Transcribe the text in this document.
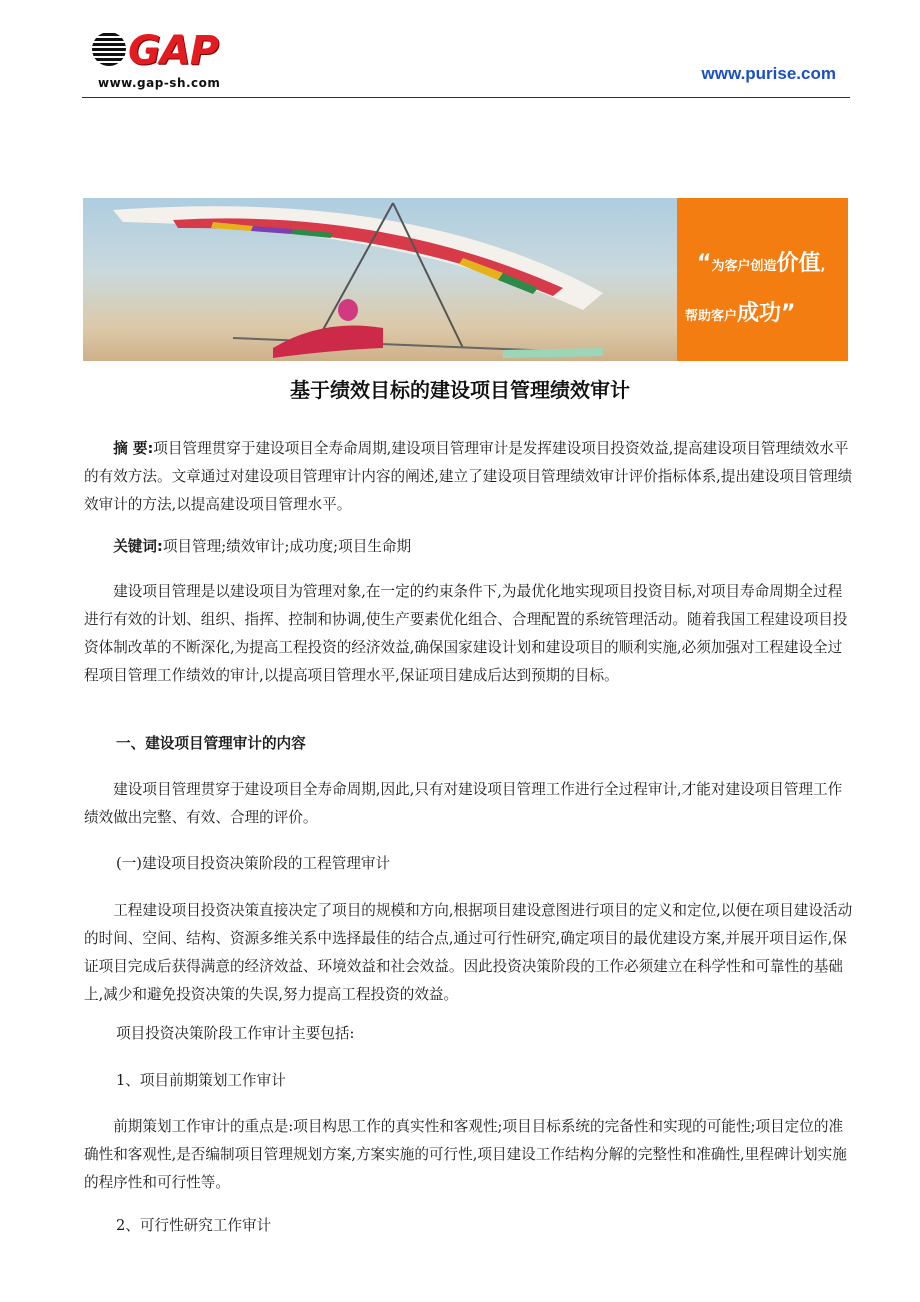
GAP
www.gap-sh.com	www.purise.com
“为客户创造价值,
帮助客户成功”
基于绩效目标的建设项目管理绩效审计

摘 要:项目管理贯穿于建设项目全寿命周期,建设项目管理审计是发挥建设项目投资效益,提高建设项目管理绩效水平的有效方法。文章通过对建设项目管理审计内容的阐述,建立了建设项目管理绩效审计评价指标体系,提出建设项目管理绩效审计的方法,以提高建设项目管理水平。

关键词:项目管理;绩效审计;成功度;项目生命期

建设项目管理是以建设项目为管理对象,在一定的约束条件下,为最优化地实现项目投资目标,对项目寿命周期全过程进行有效的计划、组织、指挥、控制和协调,使生产要素优化组合、合理配置的系统管理活动。随着我国工程建设项目投资体制改革的不断深化,为提高工程投资的经济效益,确保国家建设计划和建设项目的顺利实施,必须加强对工程建设全过程项目管理工作绩效的审计,以提高项目管理水平,保证项目建成后达到预期的目标。

一、建设项目管理审计的内容

建设项目管理贯穿于建设项目全寿命周期,因此,只有对建设项目管理工作进行全过程审计,才能对建设项目管理工作绩效做出完整、有效、合理的评价。

(一)建设项目投资决策阶段的工程管理审计

工程建设项目投资决策直接决定了项目的规模和方向,根据项目建设意图进行项目的定义和定位,以便在项目建设活动的时间、空间、结构、资源多维关系中选择最佳的结合点,通过可行性研究,确定项目的最优建设方案,并展开项目运作,保证项目完成后获得满意的经济效益、环境效益和社会效益。因此投资决策阶段的工作必须建立在科学性和可靠性的基础上,减少和避免投资决策的失误,努力提高工程投资的效益。

项目投资决策阶段工作审计主要包括:

1、项目前期策划工作审计

前期策划工作审计的重点是:项目构思工作的真实性和客观性;项目目标系统的完备性和实现的可能性;项目定位的准确性和客观性,是否编制项目管理规划方案,方案实施的可行性,项目建设工作结构分解的完整性和准确性,里程碑计划实施的程序性和可行性等。

2、可行性研究工作审计
